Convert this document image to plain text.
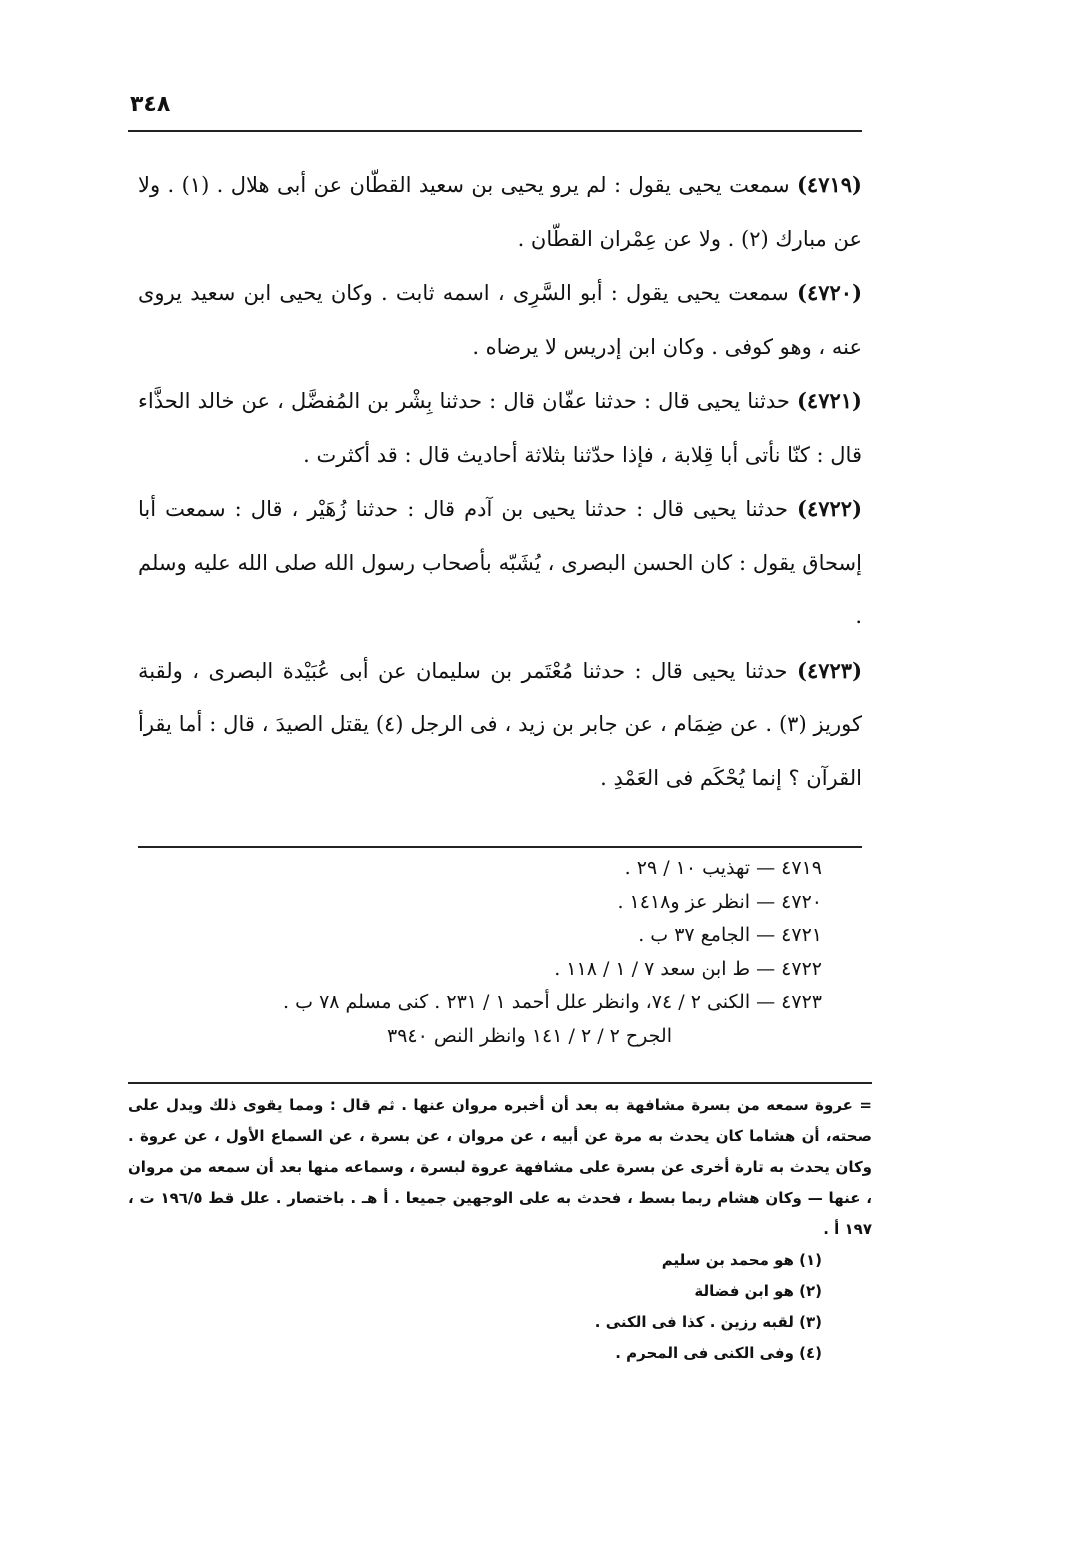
٣٤٨

(٤٧١٩) سمعت يحيى يقول : لم يرو يحيى بن سعيد القطّان عن أبى هلال . (١) . ولا عن مبارك (٢) . ولا عن عِمْران القطّان .

(٤٧٢٠) سمعت يحيى يقول : أبو السَّرِى ، اسمه ثابت . وكان يحيى ابن سعيد يروى عنه ، وهو كوفى . وكان ابن إدريس لا يرضاه .

(٤٧٢١) حدثنا يحيى قال : حدثنا عفّان قال : حدثنا بِشْر بن المُفضَّل ، عن خالد الحذَّاء قال : كنّا نأتى أبا قِلابة ، فإذا حدّثنا بثلاثة أحاديث قال : قد أكثرت .

(٤٧٢٢) حدثنا يحيى قال : حدثنا يحيى بن آدم قال : حدثنا زُهَيْر ، قال : سمعت أبا إسحاق يقول : كان الحسن البصرى ، يُشَبّه بأصحاب رسول الله صلى الله عليه وسلم .

(٤٧٢٣) حدثنا يحيى قال : حدثنا مُعْتَمر بن سليمان عن أبى عُبَيْدة البصرى ، ولقبة كوريز (٣) . عن ضِمَام ، عن جابر بن زيد ، فى الرجل (٤) يقتل الصيدَ ، قال : أما يقرأ القرآن ؟ إنما يُحْكَم فى العَمْدِ .

٤٧١٩ — تهذيب ١٠ / ٢٩ .

٤٧٢٠ — انظر عز و١٤١٨ .

٤٧٢١ — الجامع ٣٧ ب .

٤٧٢٢ — ط ابن سعد ٧ / ١ / ١١٨ .

٤٧٢٣ — الكنى ٢ / ٧٤، وانظر علل أحمد ١ / ٢٣١ . كنى مسلم ٧٨ ب .

الجرح ٢ / ٢ / ١٤١ وانظر النص ٣٩٤٠

= عروة سمعه من بسرة مشافهة به بعد أن أخبره مروان عنها . ثم قال : ومما يقوى ذلك ويدل على صحته، أن هشاما كان يحدث به مرة عن أبيه ، عن مروان ، عن بسرة ، عن السماع الأول ، عن عروة . وكان يحدث به تارة أخرى عن بسرة على مشافهة عروة لبسرة ، وسماعه منها بعد أن سمعه من مروان ، عنها — وكان هشام ربما بسط ، فحدث به على الوجهين جميعا . أ هـ . باختصار . علل قط ١٩٦/٥ ت ، ١٩٧ أ .

(١) هو محمد بن سليم

(٢) هو ابن فضالة

(٣) لقبه رزين . كذا فى الكنى .

(٤) وفى الكنى فى المحرم .
